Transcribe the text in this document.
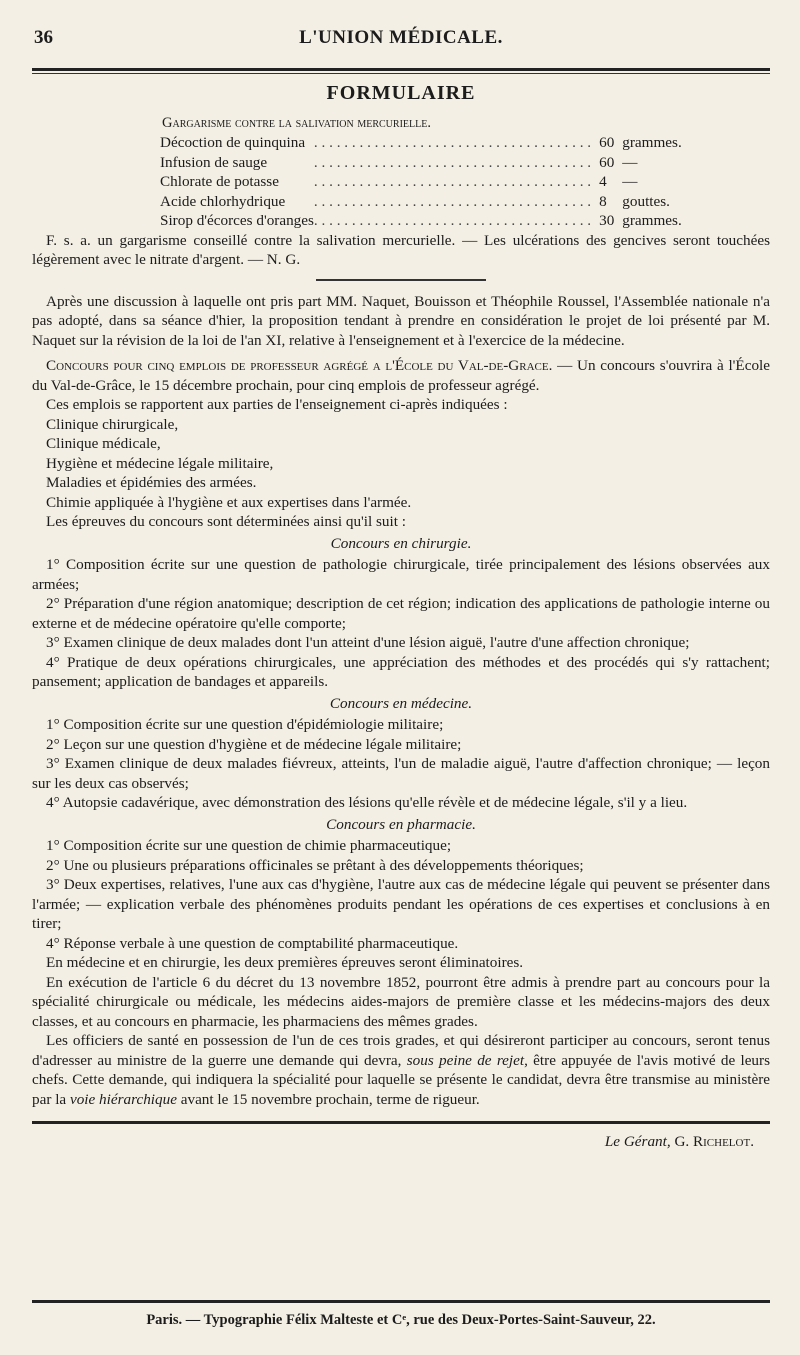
36	L'UNION MÉDICALE.
FORMULAIRE
Gargarisme contre la salivation mercurielle.
Décoction de quinquina	. . .	60	grammes.
Infusion de sauge	. . .	60	—
Chlorate de potasse	. . .	4	—
Acide chlorhydrique	. . .	8	gouttes.
Sirop d'écorces d'oranges	. . .	30	grammes.

F. s. a. un gargarisme conseillé contre la salivation mercurielle. — Les ulcérations des gencives seront touchées légèrement avec le nitrate d'argent. — N. G.

Après une discussion à laquelle ont pris part MM. Naquet, Bouisson et Théophile Roussel, l'Assemblée nationale n'a pas adopté, dans sa séance d'hier, la proposition tendant à prendre en considération le projet de loi présenté par M. Naquet sur la révision de la loi de l'an XI, relative à l'enseignement et à l'exercice de la médecine.

Concours pour cinq emplois de professeur agrégé a l'École du Val-de-Grace. — Un concours s'ouvrira à l'École du Val-de-Grâce, le 15 décembre prochain, pour cinq emplois de professeur agrégé.

Ces emplois se rapportent aux parties de l'enseignement ci-après indiquées :

Clinique chirurgicale,
Clinique médicale,
Hygiène et médecine légale militaire,
Maladies et épidémies des armées.
Chimie appliquée à l'hygiène et aux expertises dans l'armée.

Les épreuves du concours sont déterminées ainsi qu'il suit :

Concours en chirurgie.

1° Composition écrite sur une question de pathologie chirurgicale, tirée principalement des lésions observées aux armées;

2° Préparation d'une région anatomique; description de cet région; indication des applications de pathologie interne ou externe et de médecine opératoire qu'elle comporte;

3° Examen clinique de deux malades dont l'un atteint d'une lésion aiguë, l'autre d'une affection chronique;

4° Pratique de deux opérations chirurgicales, une appréciation des méthodes et des procédés qui s'y rattachent; pansement; application de bandages et appareils.

Concours en médecine.

1° Composition écrite sur une question d'épidémiologie militaire;

2° Leçon sur une question d'hygiène et de médecine légale militaire;

3° Examen clinique de deux malades fiévreux, atteints, l'un de maladie aiguë, l'autre d'affection chronique; — leçon sur les deux cas observés;

4° Autopsie cadavérique, avec démonstration des lésions qu'elle révèle et de médecine légale, s'il y a lieu.

Concours en pharmacie.

1° Composition écrite sur une question de chimie pharmaceutique;

2° Une ou plusieurs préparations officinales se prêtant à des développements théoriques;

3° Deux expertises, relatives, l'une aux cas d'hygiène, l'autre aux cas de médecine légale qui peuvent se présenter dans l'armée; — explication verbale des phénomènes produits pendant les opérations de ces expertises et conclusions à en tirer;

4° Réponse verbale à une question de comptabilité pharmaceutique.

En médecine et en chirurgie, les deux premières épreuves seront éliminatoires.

En exécution de l'article 6 du décret du 13 novembre 1852, pourront être admis à prendre part au concours pour la spécialité chirurgicale ou médicale, les médecins aides-majors de première classe et les médecins-majors des deux classes, et au concours en pharmacie, les pharmaciens des mêmes grades.

Les officiers de santé en possession de l'un de ces trois grades, et qui désireront participer au concours, seront tenus d'adresser au ministre de la guerre une demande qui devra, sous peine de rejet, être appuyée de l'avis motivé de leurs chefs. Cette demande, qui indiquera la spécialité pour laquelle se présente le candidat, devra être transmise au ministère par la voie hiérarchique avant le 15 novembre prochain, terme de rigueur.

Le Gérant, G. Richelot.
Paris. — Typographie Félix Malteste et Cᵉ, rue des Deux-Portes-Saint-Sauveur, 22.
